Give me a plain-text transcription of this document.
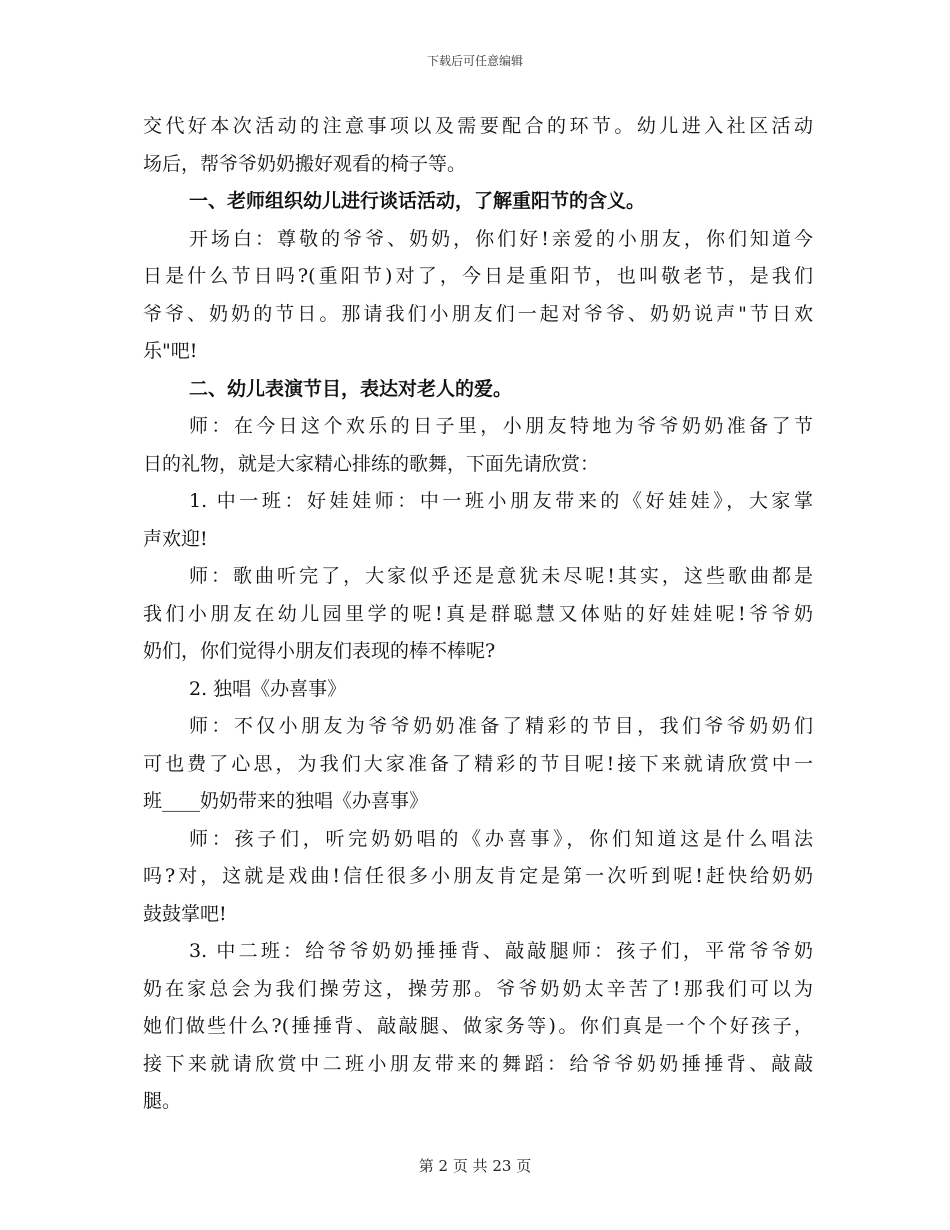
下载后可任意编辑
交代好本次活动的注意事项以及需要配合的环节。幼儿进入社区活动
场后，帮爷爷奶奶搬好观看的椅子等。
一、老师组织幼儿进行谈话活动，了解重阳节的含义。
开场白：尊敬的爷爷、奶奶，你们好!亲爱的小朋友，你们知道今
日是什么节日吗?(重阳节)对了，今日是重阳节，也叫敬老节，是我们
爷爷、奶奶的节日。那请我们小朋友们一起对爷爷、奶奶说声"节日欢
乐"吧!
二、幼儿表演节目，表达对老人的爱。
师：在今日这个欢乐的日子里，小朋友特地为爷爷奶奶准备了节
日的礼物，就是大家精心排练的歌舞，下面先请欣赏：
1. 中一班：好娃娃师：中一班小朋友带来的《好娃娃》，大家掌
声欢迎!
师：歌曲听完了，大家似乎还是意犹未尽呢!其实，这些歌曲都是
我们小朋友在幼儿园里学的呢!真是群聪慧又体贴的好娃娃呢!爷爷奶
奶们，你们觉得小朋友们表现的棒不棒呢?
2. 独唱《办喜事》
师：不仅小朋友为爷爷奶奶准备了精彩的节目，我们爷爷奶奶们
可也费了心思，为我们大家准备了精彩的节目呢!接下来就请欣赏中一
班____奶奶带来的独唱《办喜事》
师：孩子们，听完奶奶唱的《办喜事》，你们知道这是什么唱法
吗?对，这就是戏曲!信任很多小朋友肯定是第一次听到呢!赶快给奶奶
鼓鼓掌吧!
3. 中二班：给爷爷奶奶捶捶背、敲敲腿师：孩子们，平常爷爷奶
奶在家总会为我们操劳这，操劳那。爷爷奶奶太辛苦了!那我们可以为
她们做些什么?(捶捶背、敲敲腿、做家务等)。你们真是一个个好孩子，
接下来就请欣赏中二班小朋友带来的舞蹈：给爷爷奶奶捶捶背、敲敲
腿。
第 2 页 共 23 页
